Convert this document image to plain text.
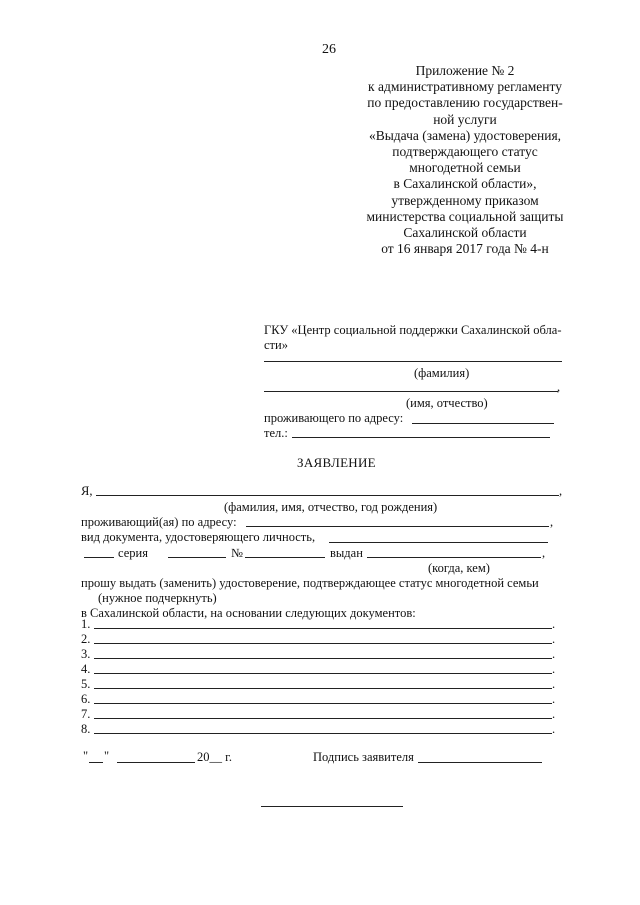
26
Приложение № 2
к административному регламенту
по предоставлению государствен-
ной услуги
«Выдача (замена) удостоверения,
подтверждающего статус
многодетной семьи
в Сахалинской области»,
утвержденному приказом
министерства социальной защиты
Сахалинской области
от 16 января 2017 года № 4-н
ГКУ «Центр социальной поддержки Сахалинской обла-
сти»
(фамилия)
,
(имя, отчество)
проживающего по адресу:
тел.:
ЗАЯВЛЕНИЕ
Я,	,
(фамилия, имя, отчество, год рождения)
проживающий(ая) по адресу:	,
вид документа, удостоверяющего личность,
серия	№	выдан	,
(когда, кем)
прошу выдать (заменить) удостоверение, подтверждающее статус многодетной семьи
(нужное подчеркнуть)
в Сахалинской области, на основании следующих документов:
1.	.
2.	.
3.	.
4.	.
5.	.
6.	.
7.	.
8.	.
" "	20__ г.	Подпись заявителя
